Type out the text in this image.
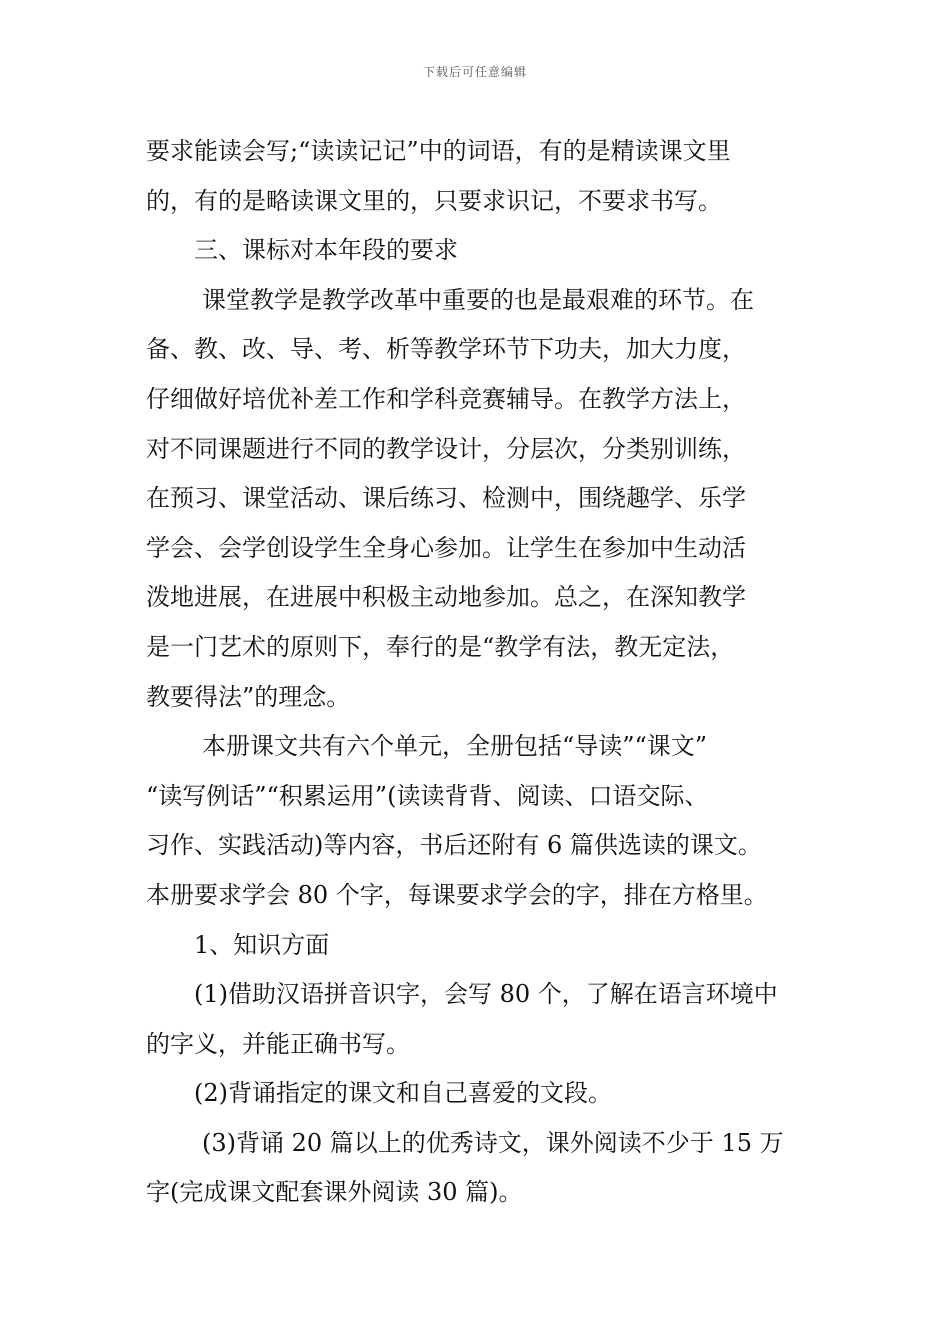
下载后可任意编辑

要求能读会写;“读读记记”中的词语，有的是精读课文里

的，有的是略读课文里的，只要求识记，不要求书写。

三、课标对本年段的要求

课堂教学是教学改革中重要的也是最艰难的环节。在

备、教、改、导、考、析等教学环节下功夫，加大力度，

仔细做好培优补差工作和学科竞赛辅导。在教学方法上，

对不同课题进行不同的教学设计，分层次，分类别训练，

在预习、课堂活动、课后练习、检测中，围绕趣学、乐学

学会、会学创设学生全身心参加。让学生在参加中生动活

泼地进展，在进展中积极主动地参加。总之，在深知教学

是一门艺术的原则下，奉行的是“教学有法，教无定法，

教要得法”的理念。

本册课文共有六个单元，全册包括“导读”“课文”

“读写例话”“积累运用”(读读背背、阅读、口语交际、

习作、实践活动)等内容，书后还附有 6 篇供选读的课文。

本册要求学会 80 个字，每课要求学会的字，排在方格里。

1、知识方面

(1)借助汉语拼音识字，会写 80 个，了解在语言环境中

的字义，并能正确书写。

(2)背诵指定的课文和自己喜爱的文段。

(3)背诵 20 篇以上的优秀诗文，课外阅读不少于 15 万

字(完成课文配套课外阅读 30 篇)。
